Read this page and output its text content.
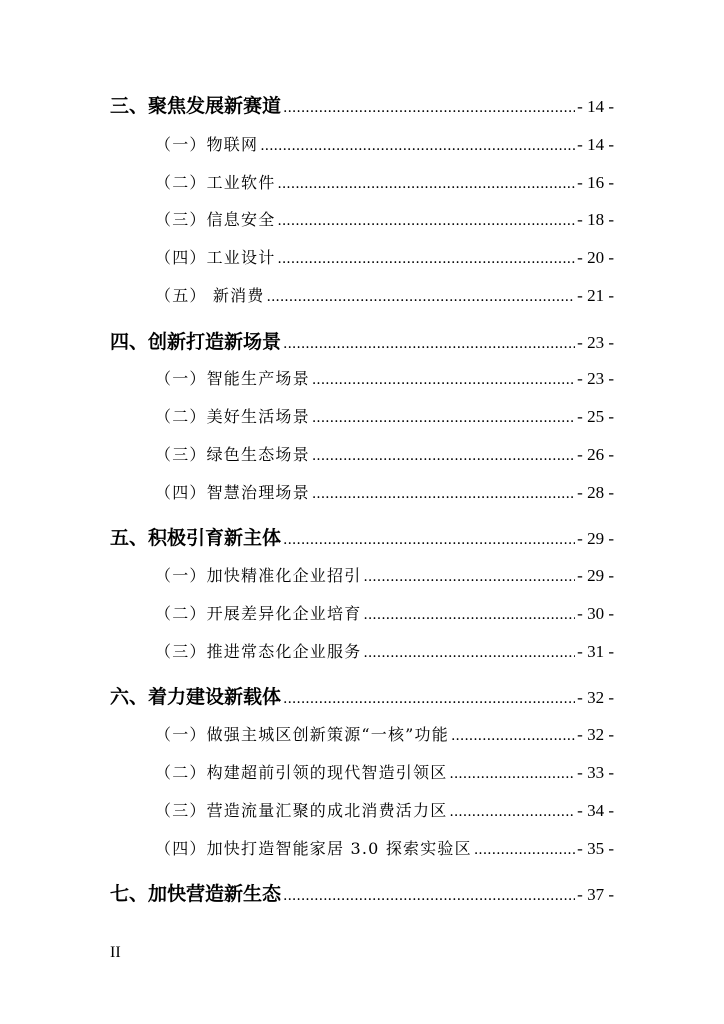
三、聚焦发展新赛道 .....	- 14 -
（一）物联网 .....	- 14 -
（二）工业软件 .....	- 16 -
（三）信息安全 .....	- 18 -
（四）工业设计 .....	- 20 -
（五） 新消费 .....	- 21 -
四、创新打造新场景 .....	- 23 -
（一）智能生产场景 .....	- 23 -
（二）美好生活场景 .....	- 25 -
（三）绿色生态场景 .....	- 26 -
（四）智慧治理场景 .....	- 28 -
五、积极引育新主体 .....	- 29 -
（一）加快精准化企业招引 .....	- 29 -
（二）开展差异化企业培育 .....	- 30 -
（三）推进常态化企业服务 .....	- 31 -
六、着力建设新载体 .....	- 32 -
（一）做强主城区创新策源“一核”功能 .....	- 32 -
（二）构建超前引领的现代智造引领区 .....	- 33 -
（三）营造流量汇聚的成北消费活力区 .....	- 34 -
（四）加快打造智能家居 3.0 探索实验区 .....	- 35 -
七、加快营造新生态 .....	- 37 -
II
